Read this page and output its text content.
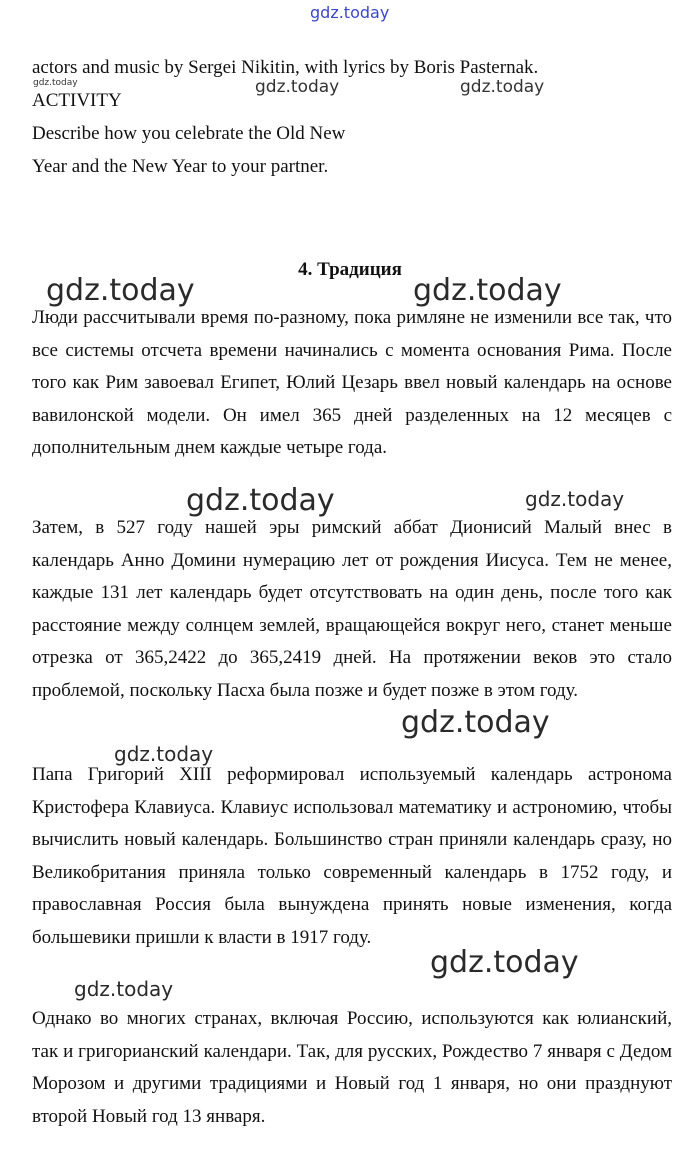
gdz.today
gdz.today	gdz.today	gdz.today
gdz.today	gdz.today
gdz.today	gdz.today
gdz.today
gdz.today
gdz.today
gdz.today
actors and music by Sergei Nikitin, with lyrics by Boris Pasternak.
ACTIVITY
Describe how you celebrate the Old New
Year and the New Year to your partner.
4. Традиция

Люди рассчитывали время по-разному, пока римляне не изменили все так, что все системы отсчета времени начинались с момента основания Рима. После того как Рим завоевал Египет, Юлий Цезарь ввел новый календарь на основе вавилонской модели. Он имел 365 дней разделенных на 12 месяцев с дополнительным днем каждые четыре года.

Затем, в 527 году нашей эры римский аббат Дионисий Малый внес в календарь Анно Домини нумерацию лет от рождения Иисуса. Тем не менее, каждые 131 лет календарь будет отсутствовать на один день, после того как расстояние между солнцем землей, вращающейся вокруг него, станет меньше отрезка от 365,2422 до 365,2419 дней. На протяжении веков это стало проблемой, поскольку Пасха была позже и будет позже в этом году.

Папа Григорий XIII реформировал используемый календарь астронома Кристофера Клавиуса. Клавиус использовал математику и астрономию, чтобы вычислить новый календарь. Большинство стран приняли календарь сразу, но Великобритания приняла только современный календарь в 1752 году, и православная Россия была вынуждена принять новые изменения, когда большевики пришли к власти в 1917 году.

Однако во многих странах, включая Россию, используются как юлианский, так и григорианский календари. Так, для русских, Рождество 7 января с Дедом Морозом и другими традициями и Новый год 1 января, но они празднуют второй Новый год 13 января.
